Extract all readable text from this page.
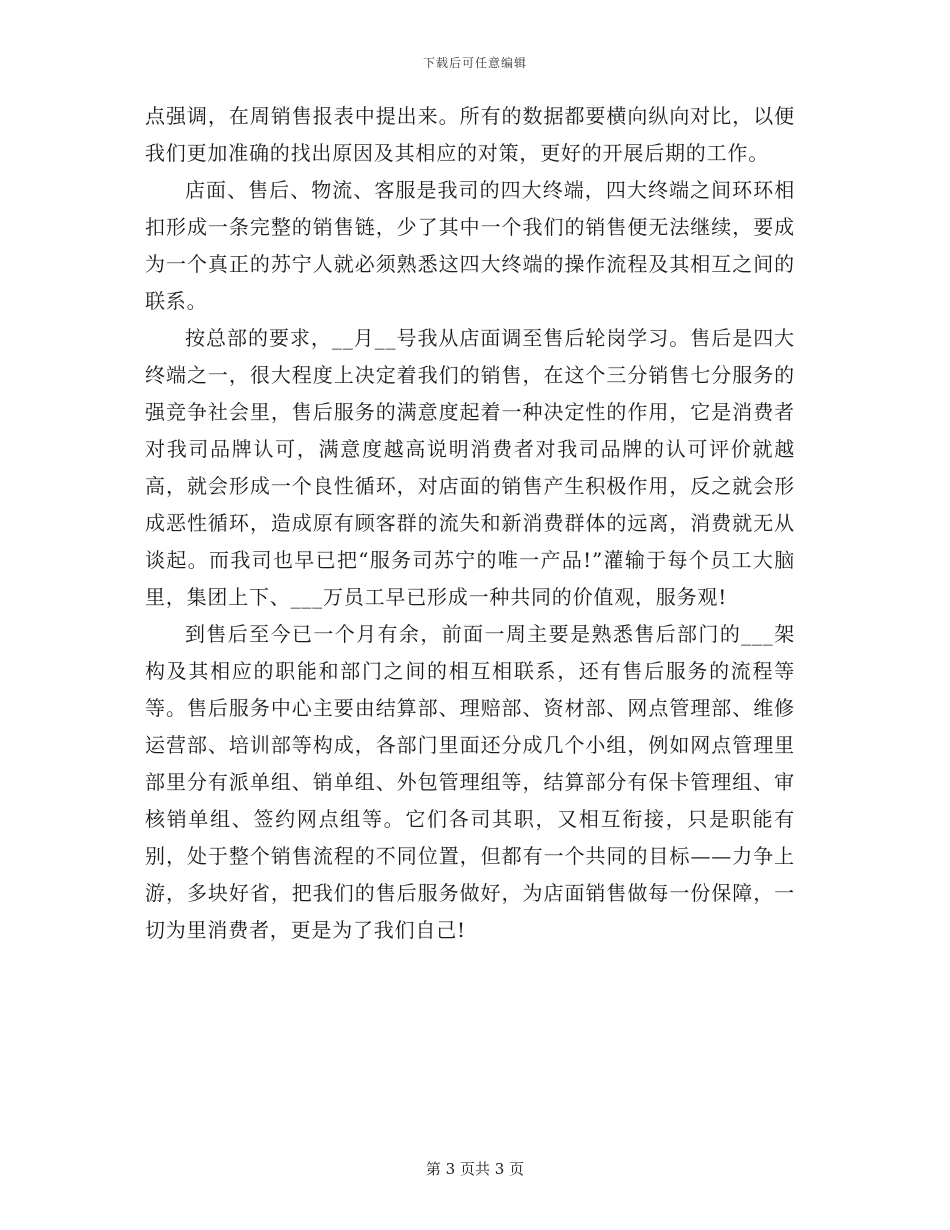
下载后可任意编辑

点强调，在周销售报表中提出来。所有的数据都要横向纵向对比，以便我们更加准确的找出原因及其相应的对策，更好的开展后期的工作。

店面、售后、物流、客服是我司的四大终端，四大终端之间环环相扣形成一条完整的销售链，少了其中一个我们的销售便无法继续，要成为一个真正的苏宁人就必须熟悉这四大终端的操作流程及其相互之间的联系。

按总部的要求，__月__号我从店面调至售后轮岗学习。售后是四大终端之一，很大程度上决定着我们的销售，在这个三分销售七分服务的强竞争社会里，售后服务的满意度起着一种决定性的作用，它是消费者对我司品牌认可，满意度越高说明消费者对我司品牌的认可评价就越高，就会形成一个良性循环，对店面的销售产生积极作用，反之就会形成恶性循环，造成原有顾客群的流失和新消费群体的远离，消费就无从谈起。而我司也早已把“服务司苏宁的唯一产品!”灌输于每个员工大脑里，集团上下、___万员工早已形成一种共同的价值观，服务观!

到售后至今已一个月有余，前面一周主要是熟悉售后部门的___架构及其相应的职能和部门之间的相互相联系，还有售后服务的流程等等。售后服务中心主要由结算部、理赔部、资材部、网点管理部、维修运营部、培训部等构成，各部门里面还分成几个小组，例如网点管理里部里分有派单组、销单组、外包管理组等，结算部分有保卡管理组、审核销单组、签约网点组等。它们各司其职，又相互衔接，只是职能有别，处于整个销售流程的不同位置，但都有一个共同的目标——力争上游，多块好省，把我们的售后服务做好，为店面销售做每一份保障，一切为里消费者，更是为了我们自己!

第 3 页共 3 页
